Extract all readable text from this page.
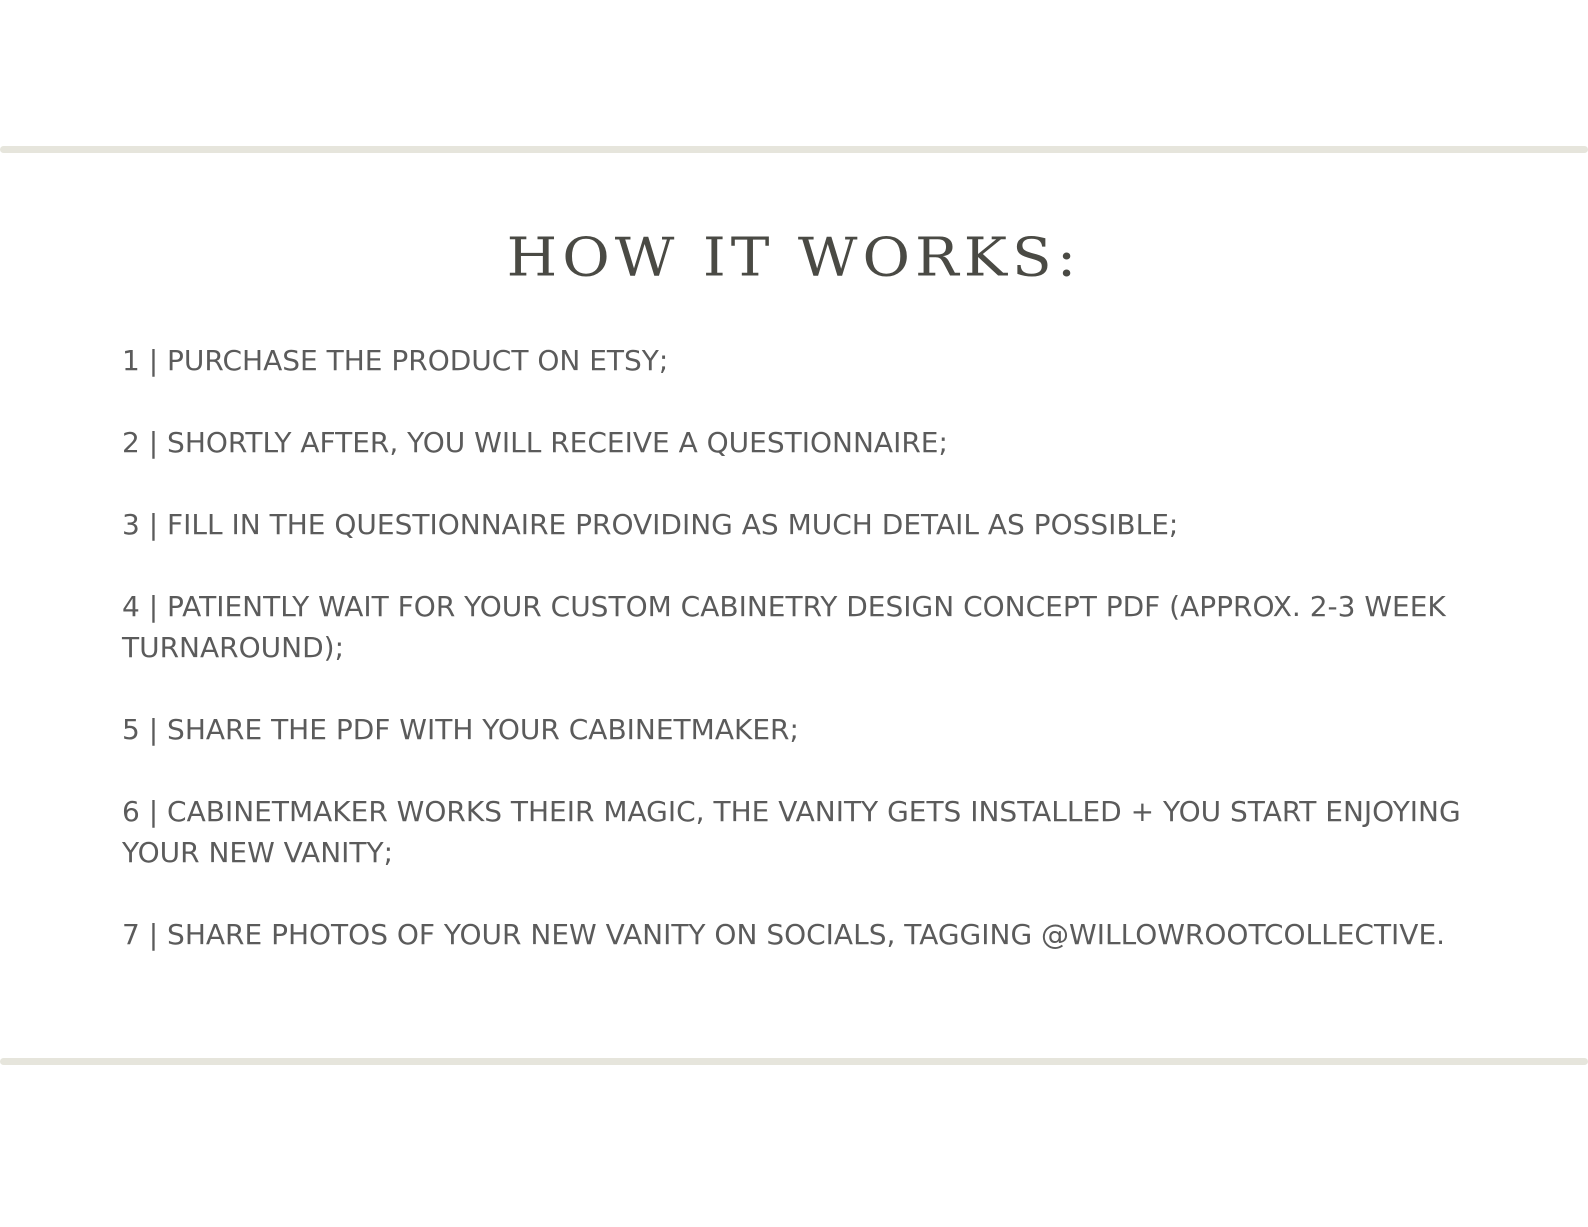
HOW IT WORKS:
1 | PURCHASE THE PRODUCT ON ETSY;
2 | SHORTLY AFTER, YOU WILL RECEIVE A QUESTIONNAIRE;
3 | FILL IN THE QUESTIONNAIRE PROVIDING AS MUCH DETAIL AS POSSIBLE;
4 | PATIENTLY WAIT FOR YOUR CUSTOM CABINETRY DESIGN CONCEPT PDF (APPROX. 2-3 WEEK TURNAROUND);
5 | SHARE THE PDF WITH YOUR CABINETMAKER;
6 | CABINETMAKER WORKS THEIR MAGIC, THE VANITY GETS INSTALLED + YOU START ENJOYING YOUR NEW VANITY;
7 | SHARE PHOTOS OF YOUR NEW VANITY ON SOCIALS, TAGGING @WILLOWROOTCOLLECTIVE.
